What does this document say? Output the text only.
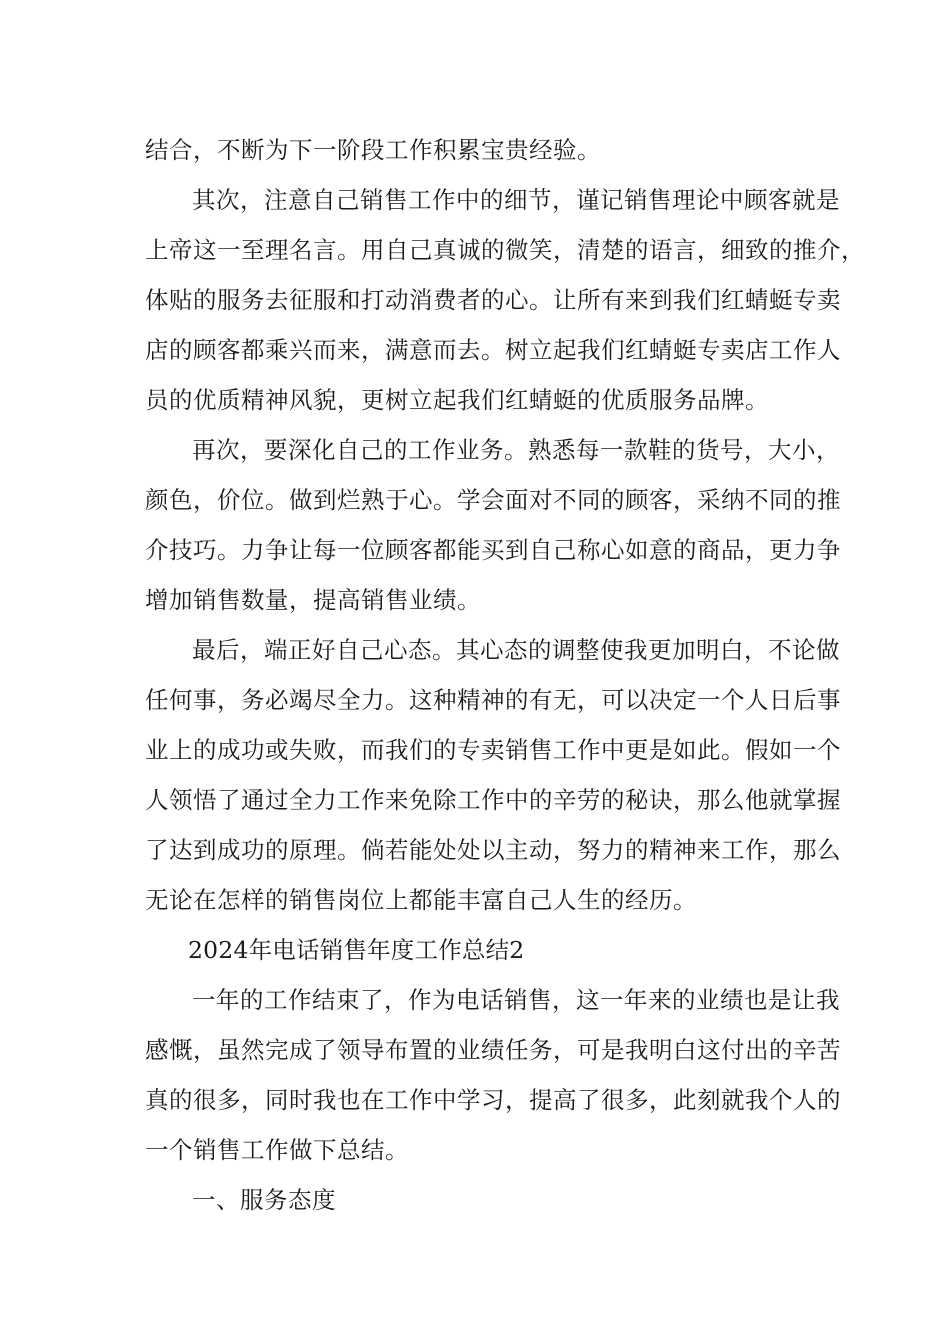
结合，不断为下一阶段工作积累宝贵经验。
其次，注意自己销售工作中的细节，谨记销售理论中顾客就是
上帝这一至理名言。用自己真诚的微笑，清楚的语言，细致的推介，
体贴的服务去征服和打动消费者的心。让所有来到我们红蜻蜓专卖
店的顾客都乘兴而来，满意而去。树立起我们红蜻蜓专卖店工作人
员的优质精神风貌，更树立起我们红蜻蜓的优质服务品牌。
再次，要深化自己的工作业务。熟悉每一款鞋的货号，大小，
颜色，价位。做到烂熟于心。学会面对不同的顾客，采纳不同的推
介技巧。力争让每一位顾客都能买到自己称心如意的商品，更力争
增加销售数量，提高销售业绩。
最后，端正好自己心态。其心态的调整使我更加明白，不论做
任何事，务必竭尽全力。这种精神的有无，可以决定一个人日后事
业上的成功或失败，而我们的专卖销售工作中更是如此。假如一个
人领悟了通过全力工作来免除工作中的辛劳的秘诀，那么他就掌握
了达到成功的原理。倘若能处处以主动，努力的精神来工作，那么
无论在怎样的销售岗位上都能丰富自己人生的经历。
2024年电话销售年度工作总结2
一年的工作结束了，作为电话销售，这一年来的业绩也是让我
感慨，虽然完成了领导布置的业绩任务，可是我明白这付出的辛苦
真的很多，同时我也在工作中学习，提高了很多，此刻就我个人的
一个销售工作做下总结。
一、服务态度
